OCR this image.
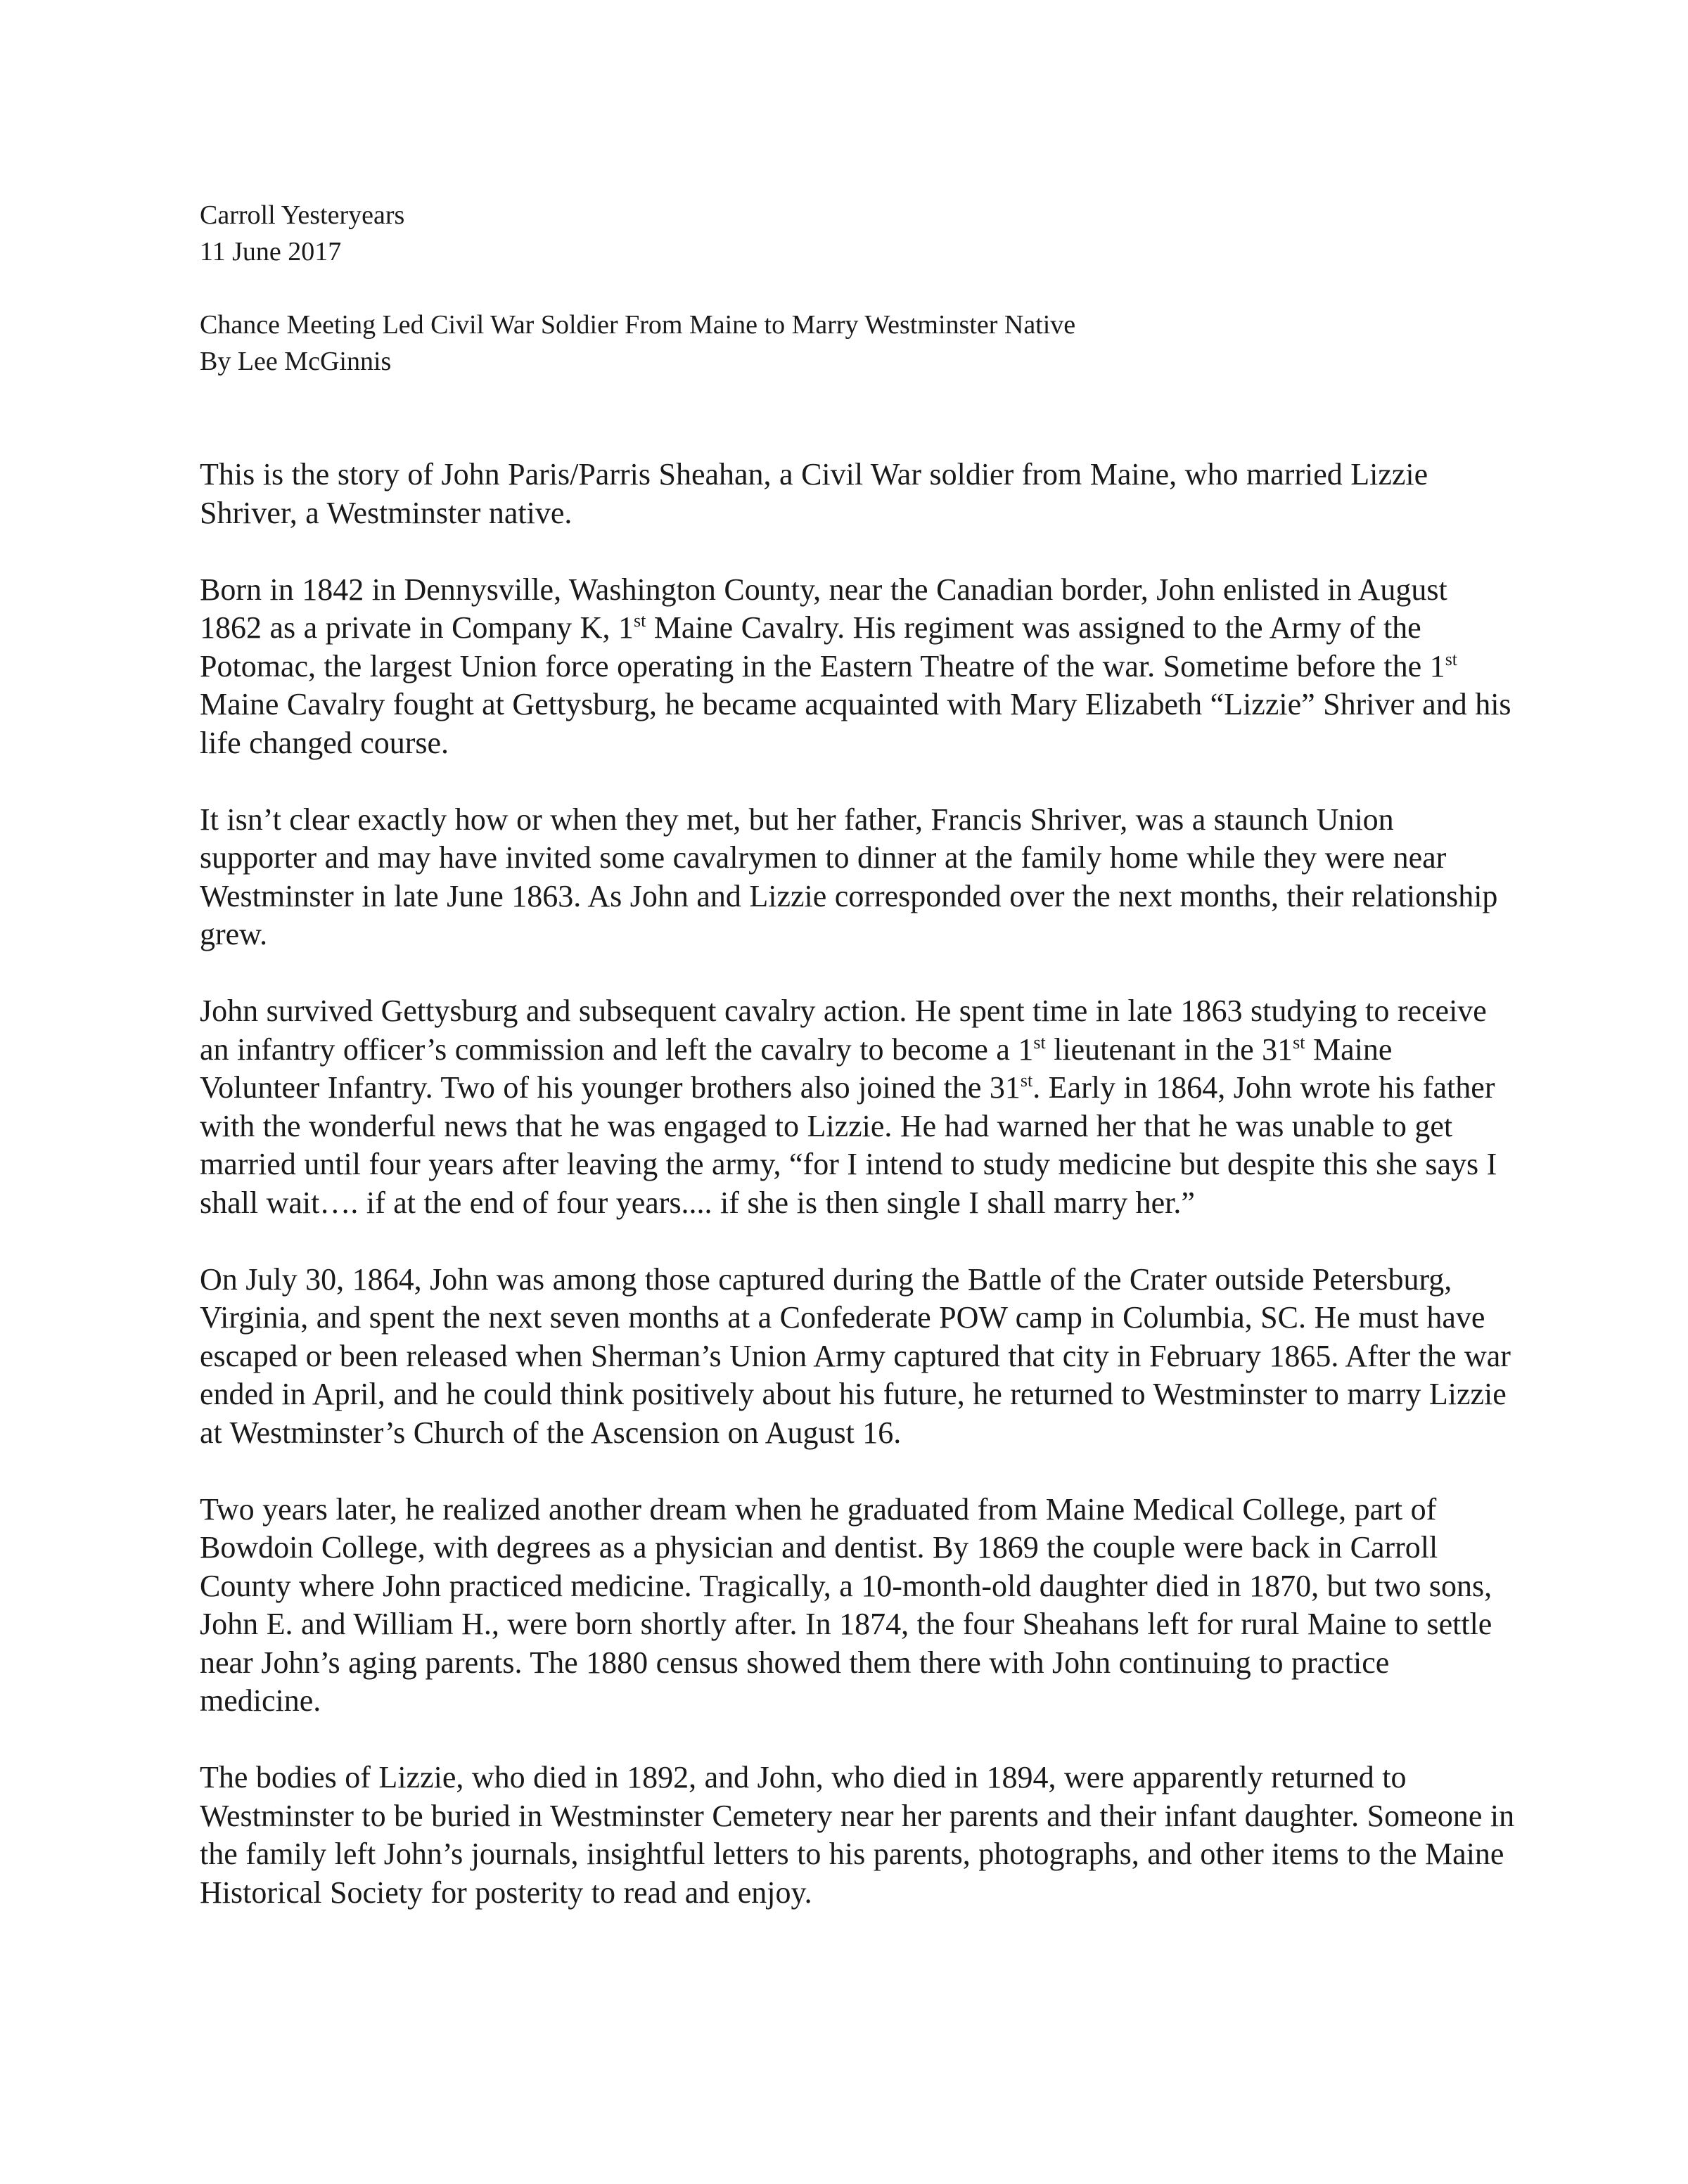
Carroll Yesteryears

11 June 2017

Chance Meeting Led Civil War Soldier From Maine to Marry Westminster Native

By Lee McGinnis

This is the story of John Paris/Parris Sheahan, a Civil War soldier from Maine, who married Lizzie Shriver, a Westminster native.

Born in 1842 in Dennysville, Washington County, near the Canadian border, John enlisted in August 1862 as a private in Company K, 1st Maine Cavalry. His regiment was assigned to the Army of the Potomac, the largest Union force operating in the Eastern Theatre of the war. Sometime before the 1st Maine Cavalry fought at Gettysburg, he became acquainted with Mary Elizabeth “Lizzie” Shriver and his life changed course.

It isn’t clear exactly how or when they met, but her father, Francis Shriver, was a staunch Union supporter and may have invited some cavalrymen to dinner at the family home while they were near Westminster in late June 1863. As John and Lizzie corresponded over the next months, their relationship grew.

John survived Gettysburg and subsequent cavalry action. He spent time in late 1863 studying to receive an infantry officer’s commission and left the cavalry to become a 1st lieutenant in the 31st Maine Volunteer Infantry. Two of his younger brothers also joined the 31st. Early in 1864, John wrote his father with the wonderful news that he was engaged to Lizzie. He had warned her that he was unable to get married until four years after leaving the army, “for I intend to study medicine but despite this she says I shall wait…. if at the end of four years.... if she is then single I shall marry her.”

On July 30, 1864, John was among those captured during the Battle of the Crater outside Petersburg, Virginia, and spent the next seven months at a Confederate POW camp in Columbia, SC. He must have escaped or been released when Sherman’s Union Army captured that city in February 1865. After the war ended in April, and he could think positively about his future, he returned to Westminster to marry Lizzie at Westminster’s Church of the Ascension on August 16.

Two years later, he realized another dream when he graduated from Maine Medical College, part of Bowdoin College, with degrees as a physician and dentist. By 1869 the couple were back in Carroll County where John practiced medicine. Tragically, a 10-month-old daughter died in 1870, but two sons, John E. and William H., were born shortly after. In 1874, the four Sheahans left for rural Maine to settle near John’s aging parents. The 1880 census showed them there with John continuing to practice medicine.

The bodies of Lizzie, who died in 1892, and John, who died in 1894, were apparently returned to Westminster to be buried in Westminster Cemetery near her parents and their infant daughter. Someone in the family left John’s journals, insightful letters to his parents, photographs, and other items to the Maine Historical Society for posterity to read and enjoy.
